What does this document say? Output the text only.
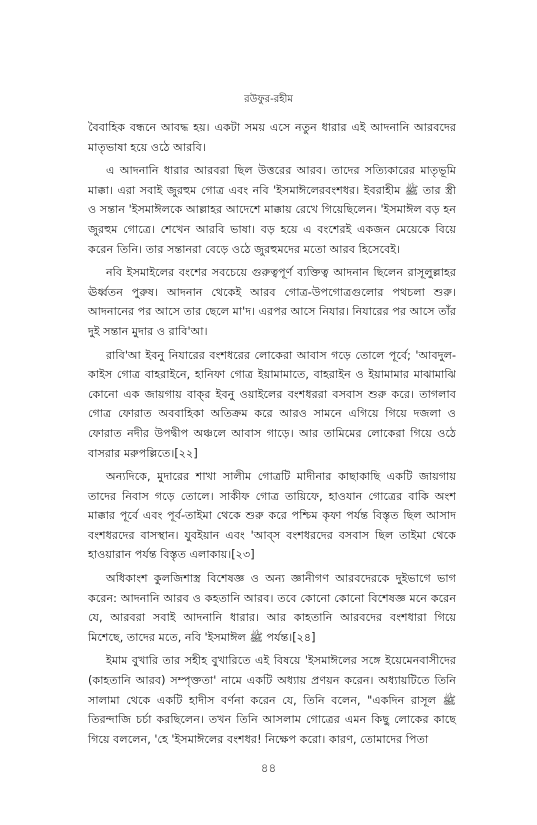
রউফুর-রহীম

বৈবাহিক বন্ধনে আবদ্ধ হয়। একটা সময় এসে নতুন ধারার এই আদনানি আরবদের মাতৃভাষা হয়ে ওঠে আরবি।

এ আদনানি ধারার আরবরা ছিল উত্তরের আরব। তাদের সত্যিকারের মাতৃভূমি মাক্কা। এরা সবাই জুরহুম গোত্র এবং নবি 'ইসমাঈলেরবংশধর। ইবরাহীম ﷺ তার স্ত্রী ও সন্তান 'ইসমাঈলকে আল্লাহর আদেশে মাক্কায় রেখে গিয়েছিলেন। 'ইসমাঈল বড় হন জুরহুম গোত্রে। শেখেন আরবি ভাষা। বড় হয়ে এ বংশেরই একজন মেয়েকে বিয়ে করেন তিনি। তার সন্তানরা বেড়ে ওঠে জুরহুমদের মতো আরব হিসেবেই।

নবি ইসমাইলের বংশের সবচেয়ে গুরুত্বপূর্ণ ব্যক্তিত্ব আদনান ছিলেন রাসূলুল্লাহর ঊর্ধ্বতন পুরুষ। আদনান থেকেই আরব গোত্র-উপগোত্রগুলোর পথচলা শুরু। আদনানের পর আসে তার ছেলে মা'দ। এরপর আসে নিযার। নিযারের পর আসে তাঁর দুই সন্তান মুদার ও রাবি'আ।

রাবি'আ ইবনু নিযারের বংশধরের লোকেরা আবাস গড়ে তোলে পূর্বে; 'আবদুল-কাইস গোত্র বাহরাইনে, হানিফা গোত্র ইয়ামামাতে, বাহরাইন ও ইয়ামামার মাঝামাঝি কোনো এক জায়গায় বাক্‌র ইবনু ওয়াইলের বংশধররা বসবাস শুরু করে। তাগলাব গোত্র ফোরাত অববাহিকা অতিক্রম করে আরও সামনে এগিয়ে গিয়ে দজলা ও ফোরাত নদীর উপদ্বীপ অঞ্চলে আবাস গাড়ে। আর তামিমের লোকেরা গিয়ে ওঠে বাসরার মরুপল্লিতে।[২২]

অন্যদিকে, মুদারের শাখা সালীম গোত্রটি মাদীনার কাছাকাছি একটি জায়গায় তাদের নিবাস গড়ে তোলে। সাকীফ গোত্র তায়িফে, হাওযান গোত্রের বাকি অংশ মাক্কার পূর্বে এবং পূর্ব-তাইমা থেকে শুরু করে পশ্চিম কৃফা পর্যন্ত বিস্তৃত ছিল আসাদ বংশধরদের বাসস্থান। যুবইয়ান এবং 'আব্‌স বংশধরদের বসবাস ছিল তাইমা থেকে হাওয়ারান পর্যন্ত বিস্তৃত এলাকায়।[২৩]

অধিকাংশ কুলজিশাস্ত্র বিশেষজ্ঞ ও অন্য জ্ঞানীগণ আরবদেরকে দুইভাগে ভাগ করেন: আদনানি আরব ও কহতানি আরব। তবে কোনো কোনো বিশেষজ্ঞ মনে করেন যে, আরবরা সবাই আদনানি ধারার। আর কাহতানি আরবদের বংশধারা গিয়ে মিশেছে, তাদের মতে, নবি 'ইসমাঈল ﷺ পর্যন্ত।[২৪]

ইমাম বুখারি তার সহীহ বুখারিতে এই বিষয়ে 'ইসমাঈলের সঙ্গে ইয়েমেনবাসীদের (কাহতানি আরব) সম্পৃক্ততা' নামে একটি অধ্যায় প্রণয়ন করেন। অধ্যায়টিতে তিনি সালামা থেকে একটি হাদীস বর্ণনা করেন যে, তিনি বলেন, "একদিন রাসূল ﷺ তিরন্দাজি চর্চা করছিলেন। তখন তিনি আসলাম গোত্রের এমন কিছু লোকের কাছে গিয়ে বললেন, 'হে 'ইসমাঈলের বংশধর! নিক্ষেপ করো। কারণ, তোমাদের পিতা

৪৪
